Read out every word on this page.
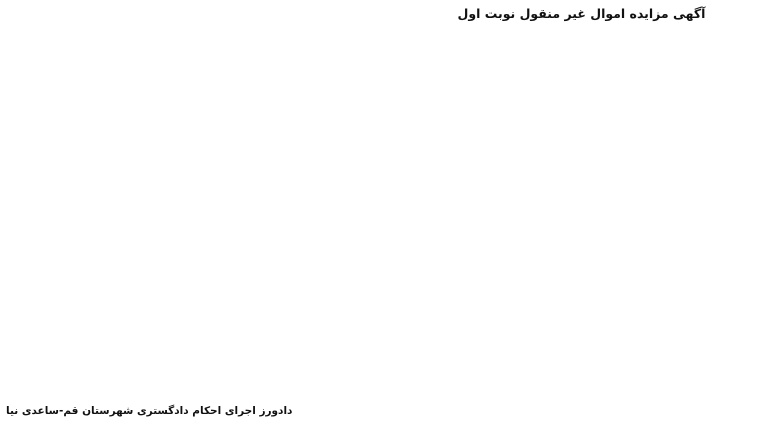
آگهی مزایده اموال غیر منقول نوبت اول

دادورز اجرای احکام دادگستری شهرستان قم-ساعدی نیا
